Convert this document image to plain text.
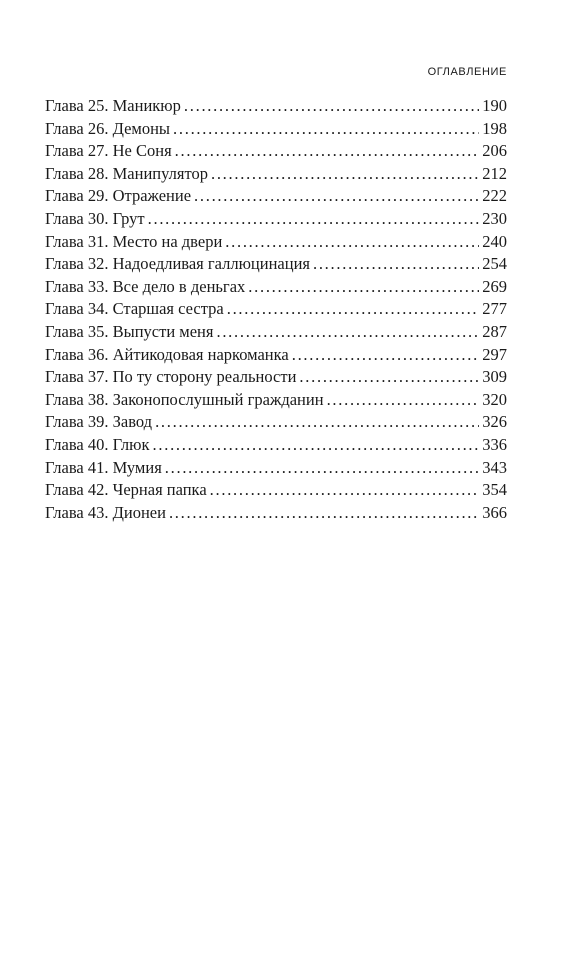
ОГЛАВЛЕНИЕ
Глава 25. Маникюр . . .	190
Глава 26. Демоны . . .	198
Глава 27. Не Соня . . .	206
Глава 28. Манипулятор . . .	212
Глава 29. Отражение . . .	222
Глава 30. Грут . . .	230
Глава 31. Место на двери . . .	240
Глава 32. Надоедливая галлюцинация . . .	254
Глава 33. Все дело в деньгах . . .	269
Глава 34. Старшая сестра . . .	277
Глава 35. Выпусти меня . . .	287
Глава 36. Айтикодовая наркоманка . . .	297
Глава 37. По ту сторону реальности . . .	309
Глава 38. Законопослушный гражданин . . .	320
Глава 39. Завод . . .	326
Глава 40. Глюк . . .	336
Глава 41. Мумия . . .	343
Глава 42. Черная папка . . .	354
Глава 43. Дионеи . . .	366
